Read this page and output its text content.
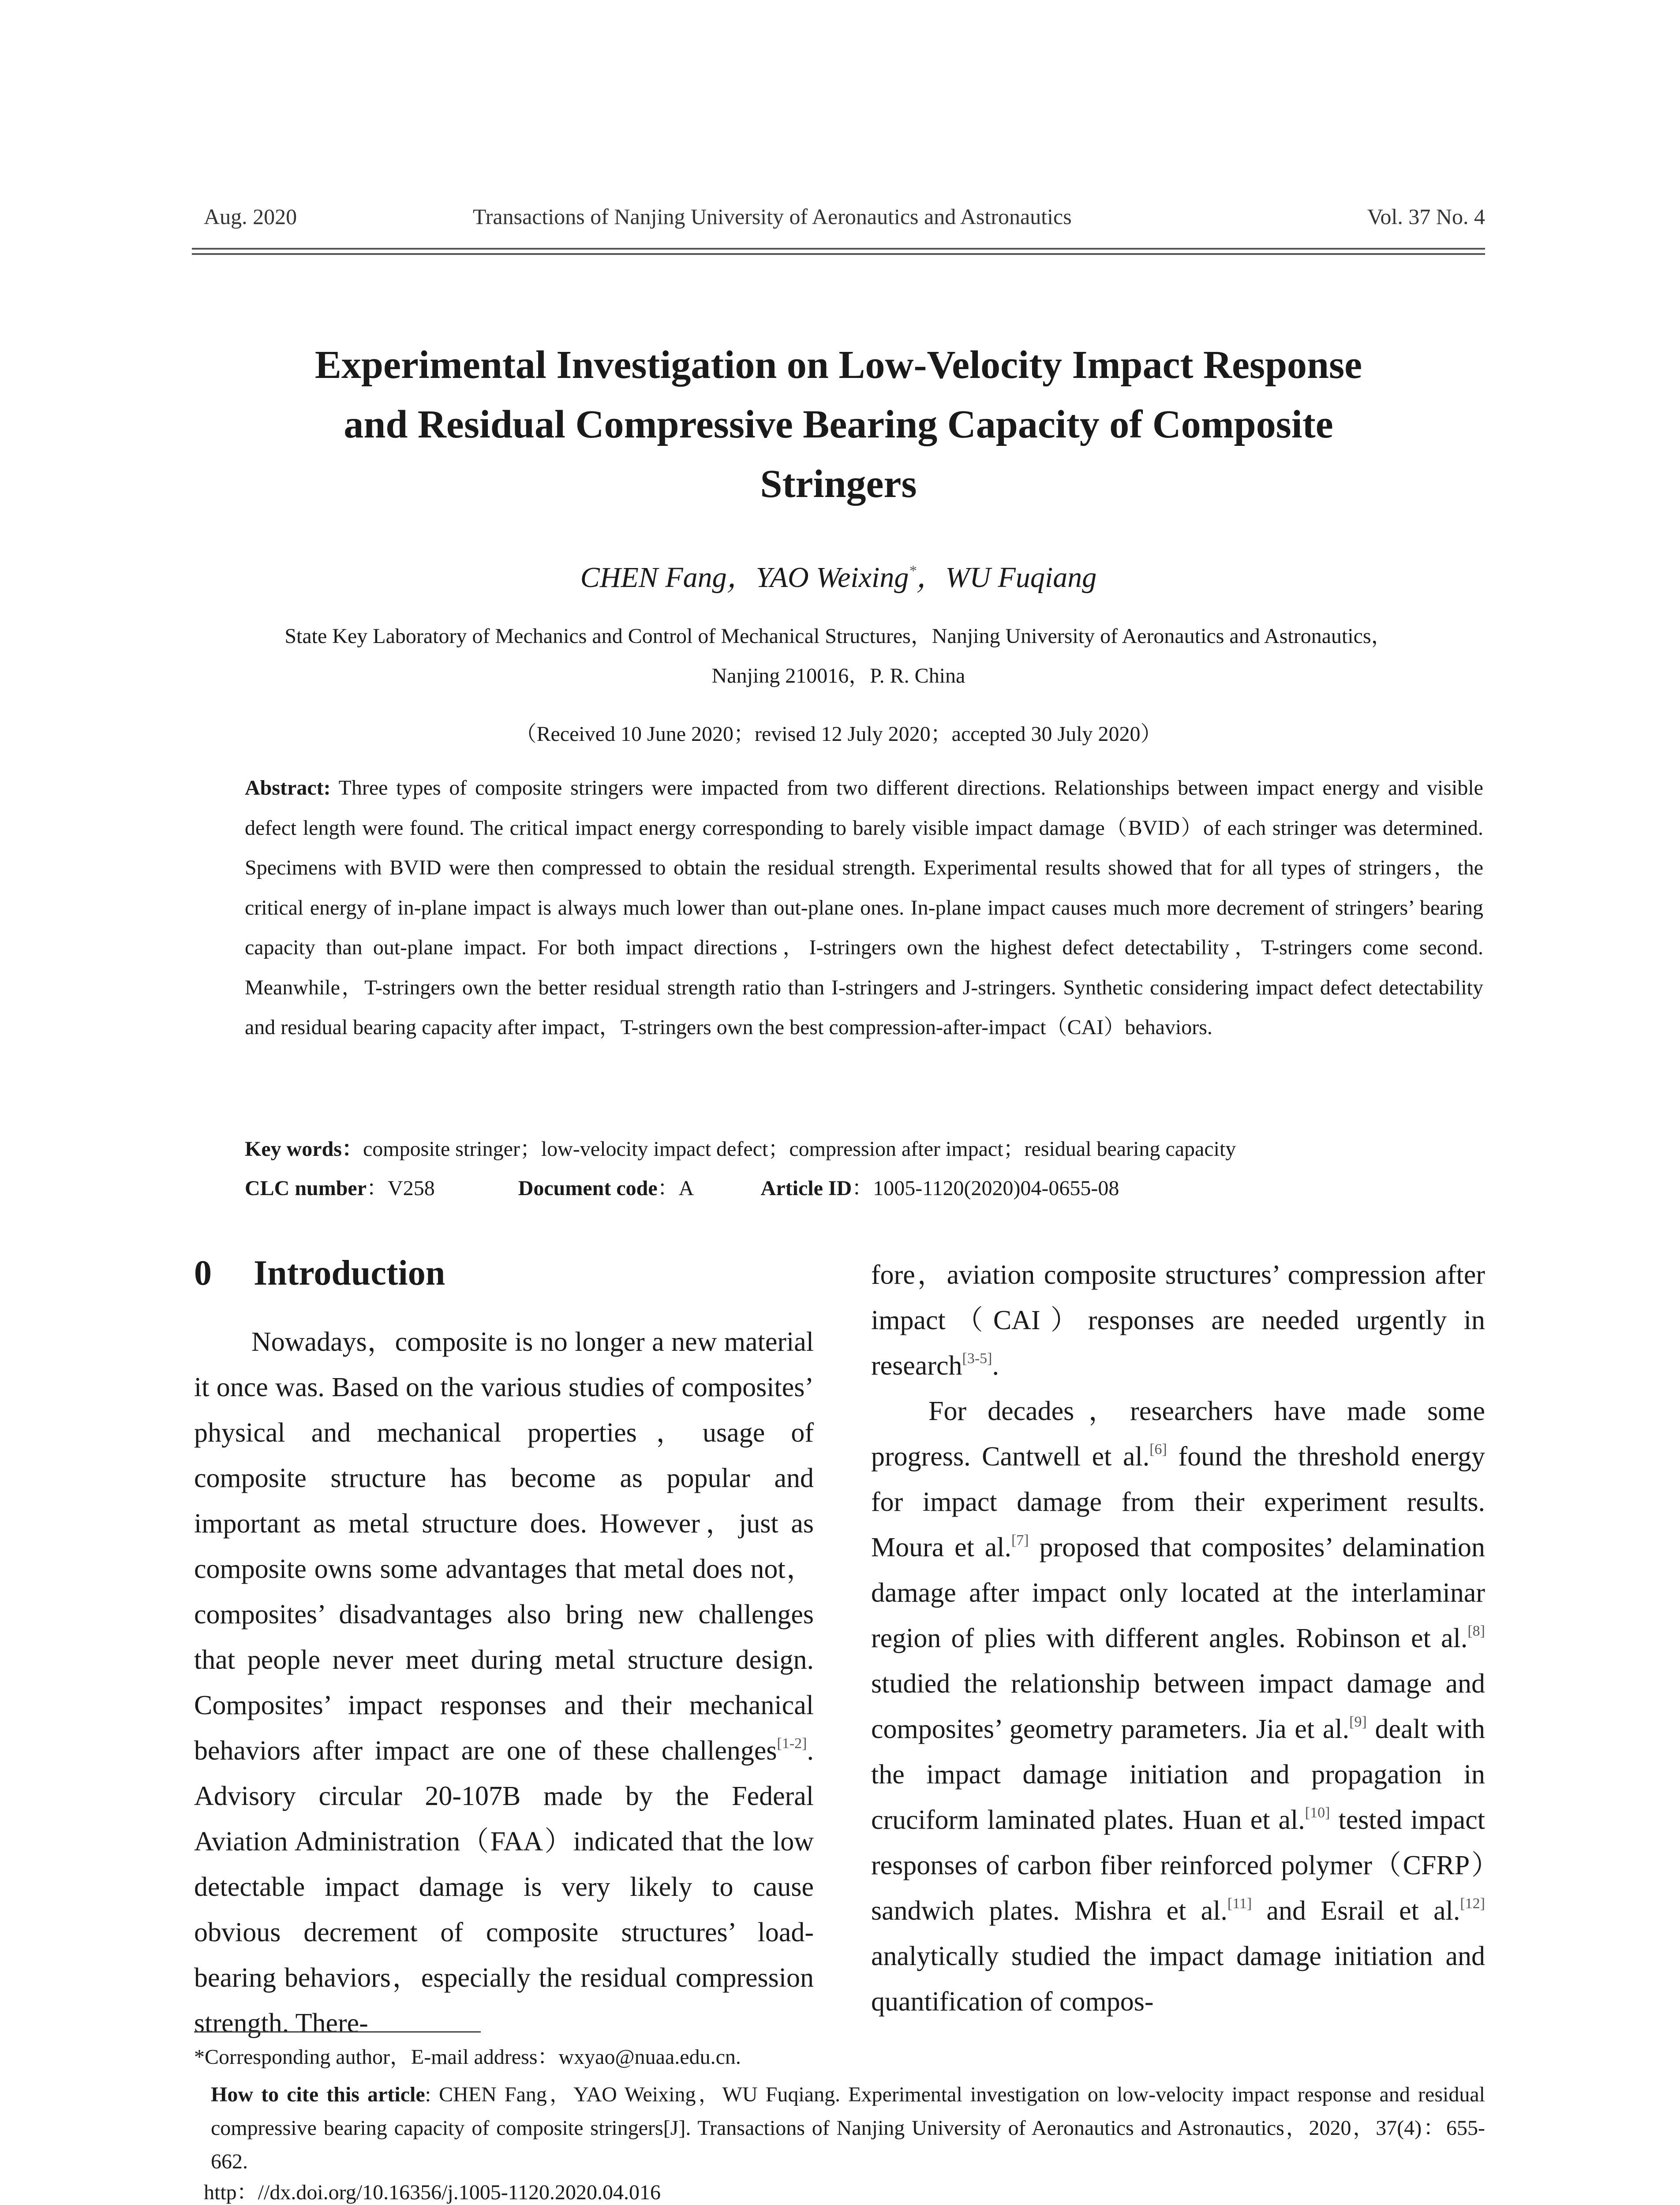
Aug. 2020	Transactions of Nanjing University of Aeronautics and Astronautics	Vol. 37 No. 4
Experimental Investigation on Low-Velocity Impact Response
and Residual Compressive Bearing Capacity of Composite
Stringers
CHEN Fang，YAO Weixing*，WU Fuqiang
State Key Laboratory of Mechanics and Control of Mechanical Structures，Nanjing University of Aeronautics and Astronautics，
Nanjing 210016，P. R. China
（Received 10 June 2020；revised 12 July 2020；accepted 30 July 2020）
Abstract: Three types of composite stringers were impacted from two different directions. Relationships between impact energy and visible defect length were found. The critical impact energy corresponding to barely visible impact damage（BVID）of each stringer was determined. Specimens with BVID were then compressed to obtain the residual strength. Experimental results showed that for all types of stringers，the critical energy of in-plane impact is always much lower than out-plane ones. In-plane impact causes much more decrement of stringers’ bearing capacity than out-plane impact. For both impact directions，I-stringers own the highest defect detectability，T-stringers come second. Meanwhile，T-stringers own the better residual strength ratio than I-stringers and J-stringers. Synthetic considering impact defect detectability and residual bearing capacity after impact，T-stringers own the best compression-after-impact（CAI）behaviors.
Key words：composite stringer；low-velocity impact defect；compression after impact；residual bearing capacity
CLC number：V258	Document code：A	Article ID：1005-1120(2020)04-0655-08
0 Introduction
Nowadays，composite is no longer a new material it once was. Based on the various studies of composites’ physical and mechanical properties，usage of composite structure has become as popular and important as metal structure does. However，just as composite owns some advantages that metal does not，composites’ disadvantages also bring new challenges that people never meet during metal structure design. Composites’ impact responses and their mechanical behaviors after impact are one of these challenges[1-2]. Advisory circular 20-107B made by the Federal Aviation Administration（FAA）indicated that the low detectable impact damage is very likely to cause obvious decrement of composite structures’ load-bearing behaviors，especially the residual compression strength. There-

fore，aviation composite structures’ compression after impact（CAI）responses are needed urgently in research[3-5].

For decades，researchers have made some progress. Cantwell et al.[6] found the threshold energy for impact damage from their experiment results. Moura et al.[7] proposed that composites’ delamination damage after impact only located at the interlaminar region of plies with different angles. Robinson et al.[8] studied the relationship between impact damage and composites’ geometry parameters. Jia et al.[9] dealt with the impact damage initiation and propagation in cruciform laminated plates. Huan et al.[10] tested impact responses of carbon fiber reinforced polymer（CFRP）sandwich plates. Mishra et al.[11] and Esrail et al.[12] analytically studied the impact damage initiation and quantification of compos-

*Corresponding author，E-mail address：wxyao@nuaa.edu.cn.
How to cite this article: CHEN Fang，YAO Weixing，WU Fuqiang. Experimental investigation on low-velocity impact response and residual compressive bearing capacity of composite stringers[J]. Transactions of Nanjing University of Aeronautics and Astronautics，2020，37(4)：655-662.
http：//dx.doi.org/10.16356/j.1005-1120.2020.04.016
